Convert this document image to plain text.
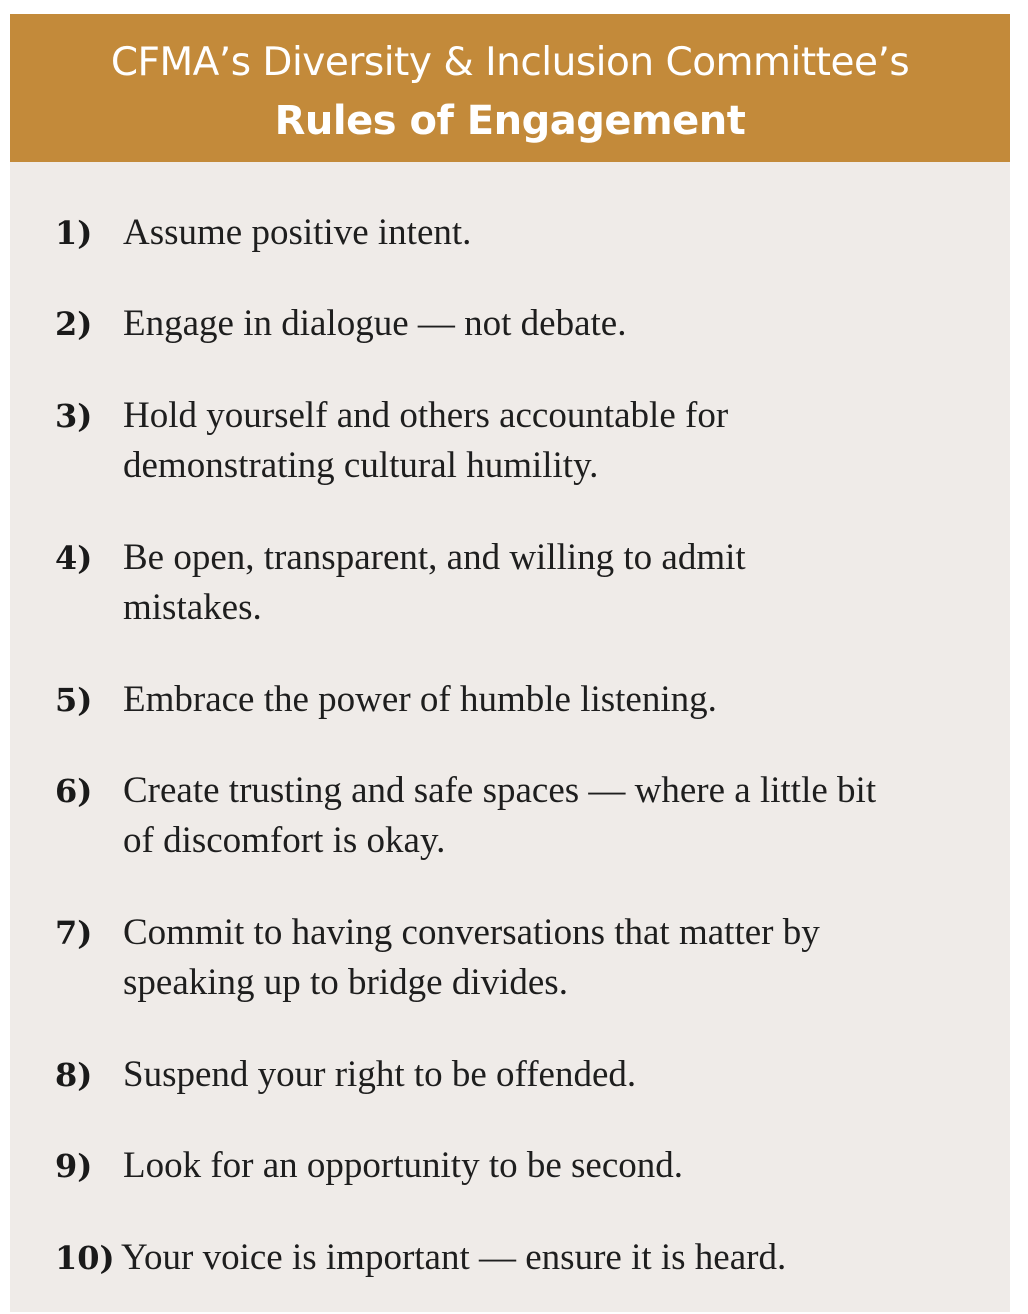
CFMA’s Diversity & Inclusion Committee’s
Rules of Engagement
1) Assume positive intent.
2) Engage in dialogue — not debate.
3) Hold yourself and others accountable for demonstrating cultural humility.
4) Be open, transparent, and willing to admit mistakes.
5) Embrace the power of humble listening.
6) Create trusting and safe spaces — where a little bit of discomfort is okay.
7) Commit to having conversations that matter by speaking up to bridge divides.
8) Suspend your right to be offended.
9) Look for an opportunity to be second.
10) Your voice is important — ensure it is heard.
